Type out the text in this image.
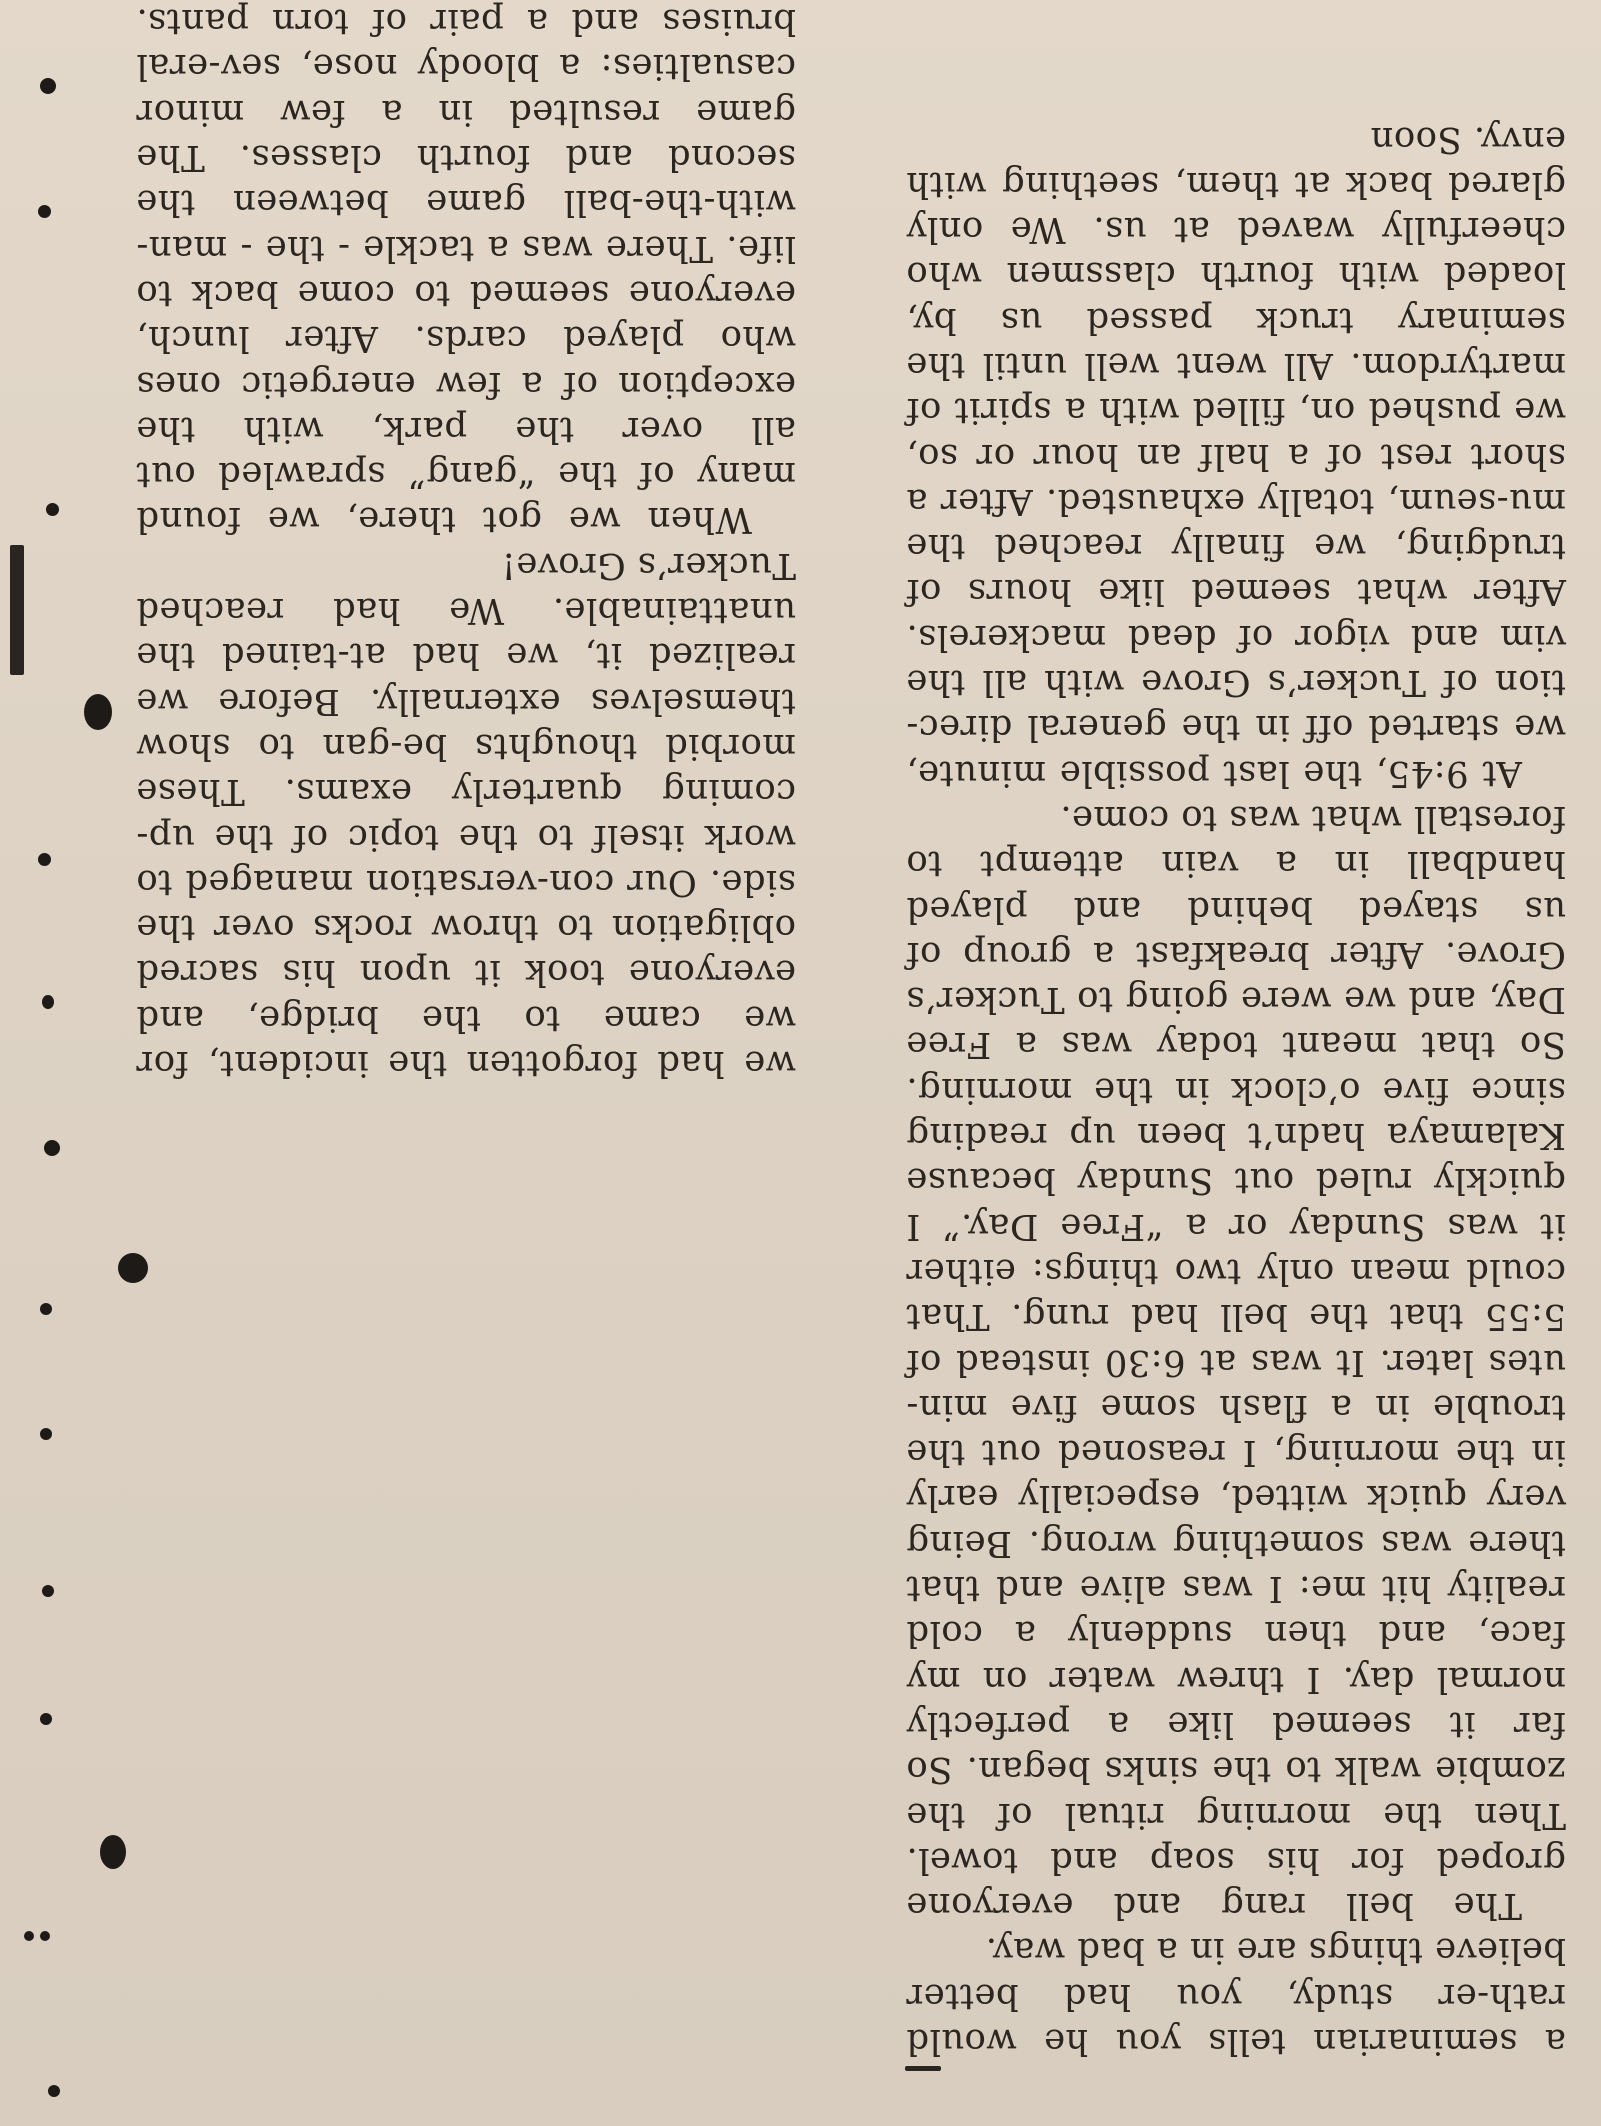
a seminarian tells you he would rath-er study, you had better believe things are in a bad way.

The bell rang and everyone groped for his soap and towel. Then the morning ritual of the zombie walk to the sinks began. So far it seemed like a perfectly normal day. I threw water on my face, and then suddenly a cold reality hit me: I was alive and that there was something wrong. Being very quick witted, especially early in the morning, I reasoned out the trouble in a flash some five min-utes later. It was at 6:30 instead of 5:55 that the bell had rung. That could mean only two things: either it was Sunday or a “Free Day.” I quickly ruled out Sunday because Kalamaya hadn’t been up reading since five o’clock in the morning. So that meant today was a Free Day, and we were going to Tucker’s Grove. After breakfast a group of us stayed behind and played handball in a vain attempt to forestall what was to come.

At 9:45, the last possible minute, we started off in the general direc-tion of Tucker’s Grove with all the vim and vigor of dead mackerels. After what seemed like hours of trudging, we finally reached the mu-seum, totally exhausted. After a short rest of a half an hour or so, we pushed on, filled with a spirit of martyrdom. All went well until the seminary truck passed us by, loaded with fourth classmen who cheerfully waved at us. We only glared back at them, seething with envy. Soon

we had forgotten the incident, for we came to the bridge, and everyone took it upon his sacred obligation to throw rocks over the side. Our con-versation managed to work itself to the topic of the up-coming quarterly exams. These morbid thoughts be-gan to show themselves externally. Before we realized it, we had at-tained the unattainable. We had reached Tucker’s Grove!

When we got there, we found many of the “gang” sprawled out all over the park, with the exception of a few energetic ones who played cards. After lunch, everyone seemed to come back to life. There was a tackle - the - man-with-the-ball game between the second and fourth classes. The game resulted in a few minor casualties: a bloody nose, sev-eral bruises and a pair of torn pants.
